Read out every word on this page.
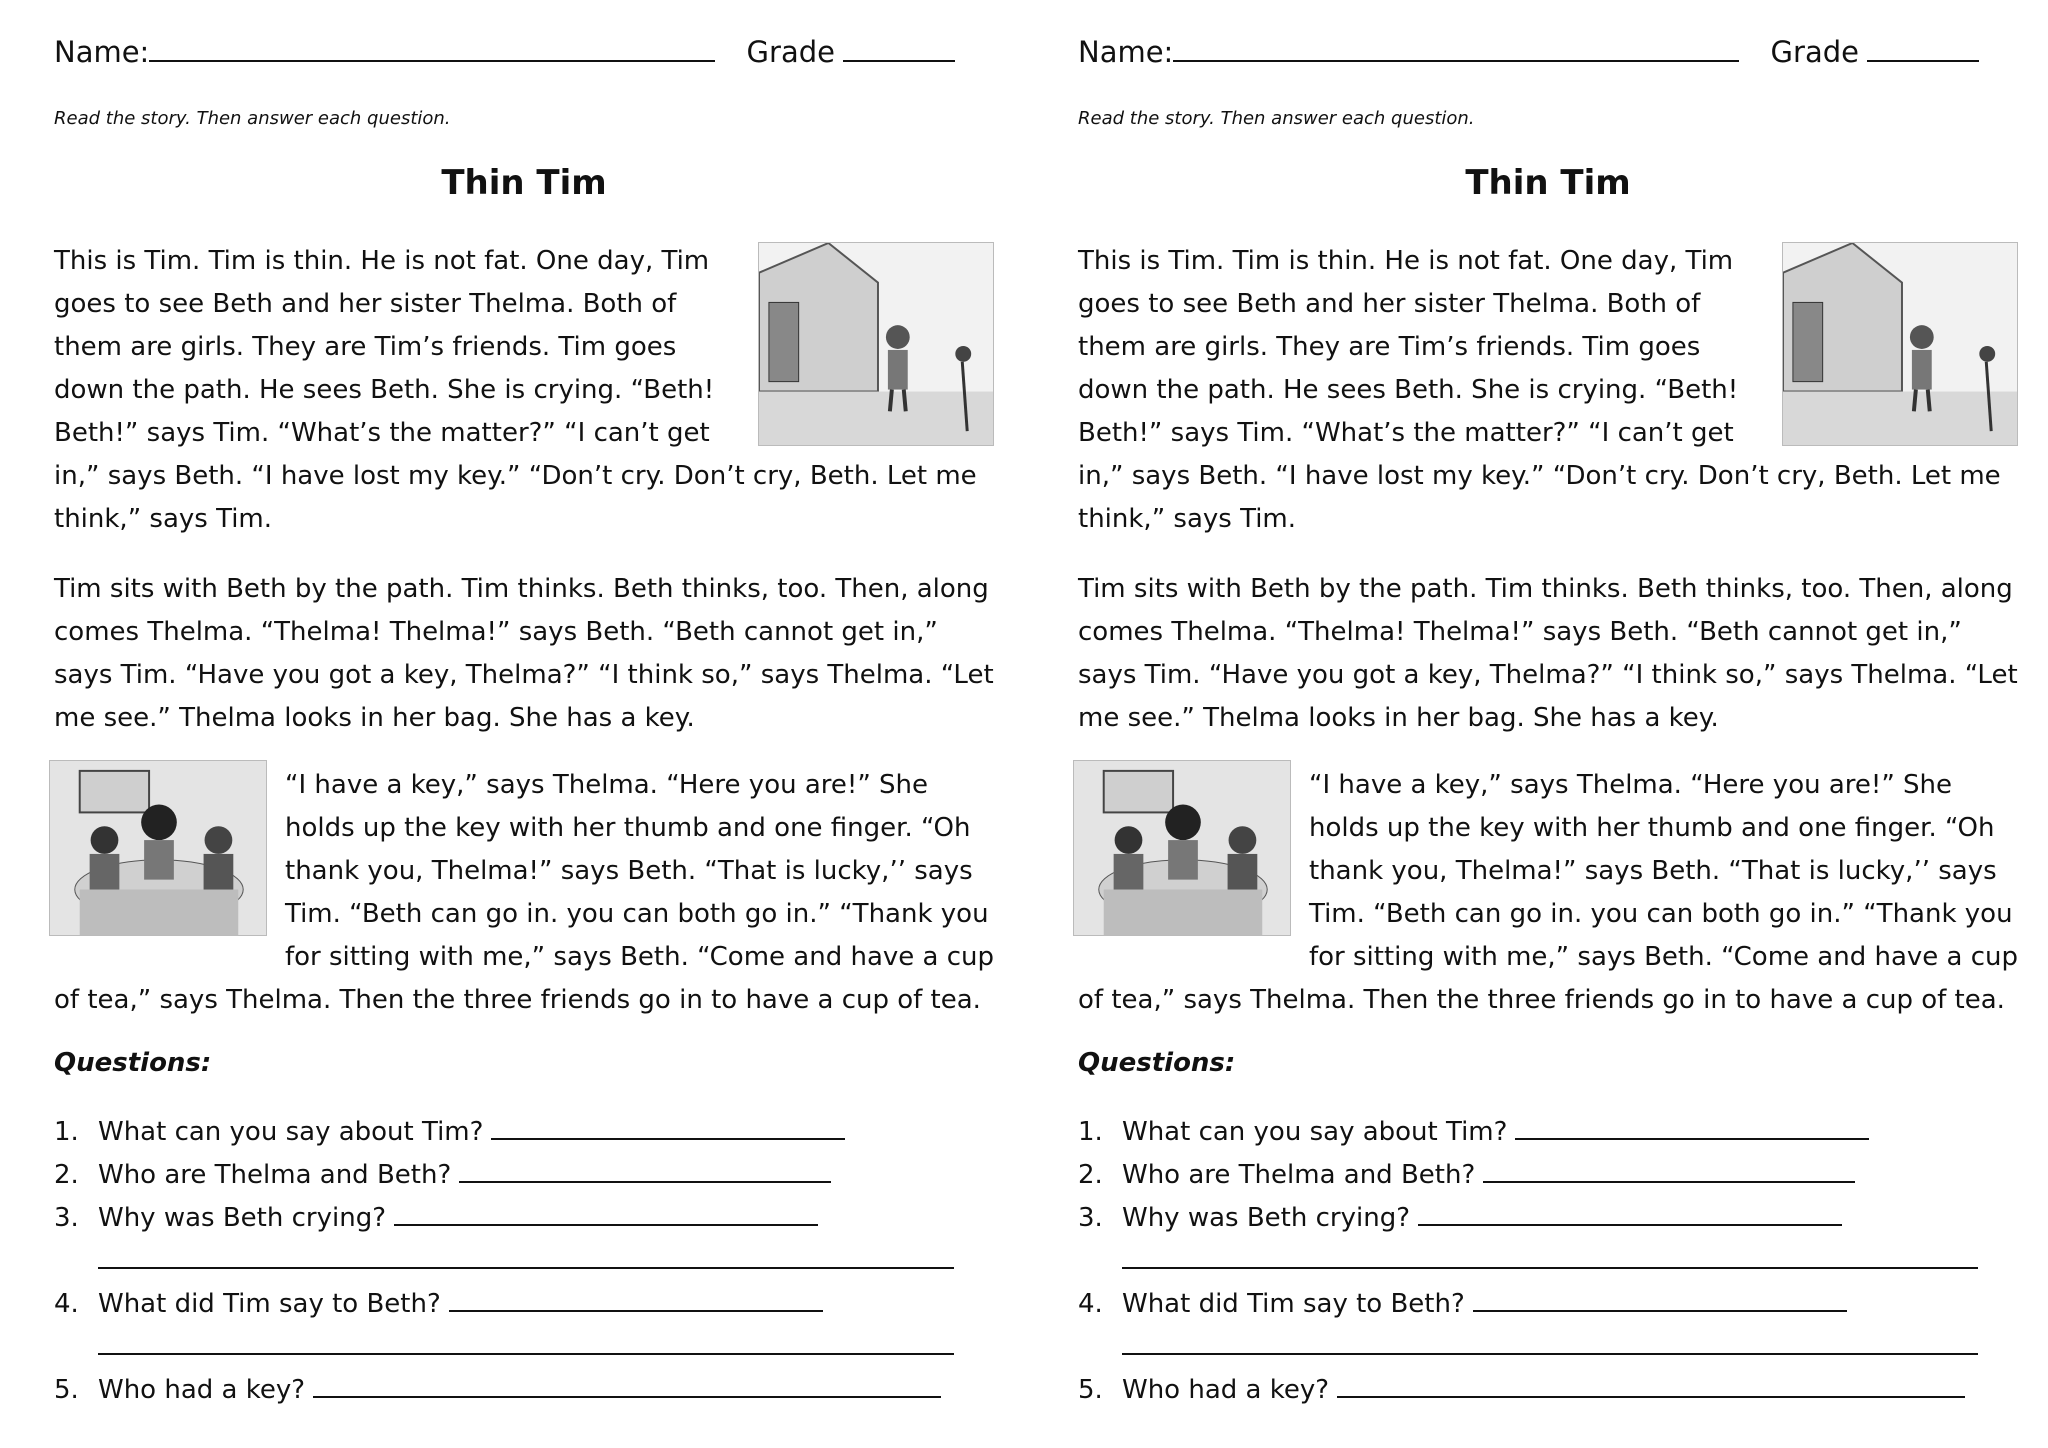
Name:	Grade
Read the story. Then answer each question.
Thin Tim
This is Tim. Tim is thin. He is not fat. One day, Tim goes to see Beth and her sister Thelma. Both of them are girls. They are Tim’s friends. Tim goes down the path. He sees Beth. She is crying. “Beth! Beth!” says Tim. “What’s the matter?” “I can’t get in,” says Beth. “I have lost my key.” “Don’t cry. Don’t cry, Beth. Let me think,” says Tim.
Tim sits with Beth by the path. Tim thinks. Beth thinks, too. Then, along comes Thelma. “Thelma! Thelma!” says Beth. “Beth cannot get in,” says Tim. “Have you got a key, Thelma?” “I think so,” says Thelma. “Let me see.” Thelma looks in her bag. She has a key.
“I have a key,” says Thelma. “Here you are!” She holds up the key with her thumb and one finger. “Oh thank you, Thelma!” says Beth. “That is lucky,’’ says Tim. “Beth can go in. you can both go in.” “Thank you for sitting with me,” says Beth. “Come and have a cup of tea,” says Thelma. Then the three friends go in to have a cup of tea.
Questions:
1. What can you say about Tim?
2. Who are Thelma and Beth?
3. Why was Beth crying?
4. What did Tim say to Beth?
5. Who had a key?
Name:	Grade
Read the story. Then answer each question.
Thin Tim
This is Tim. Tim is thin. He is not fat. One day, Tim goes to see Beth and her sister Thelma. Both of them are girls. They are Tim’s friends. Tim goes down the path. He sees Beth. She is crying. “Beth! Beth!” says Tim. “What’s the matter?” “I can’t get in,” says Beth. “I have lost my key.” “Don’t cry. Don’t cry, Beth. Let me think,” says Tim.
Tim sits with Beth by the path. Tim thinks. Beth thinks, too. Then, along comes Thelma. “Thelma! Thelma!” says Beth. “Beth cannot get in,” says Tim. “Have you got a key, Thelma?” “I think so,” says Thelma. “Let me see.” Thelma looks in her bag. She has a key.
“I have a key,” says Thelma. “Here you are!” She holds up the key with her thumb and one finger. “Oh thank you, Thelma!” says Beth. “That is lucky,’’ says Tim. “Beth can go in. you can both go in.” “Thank you for sitting with me,” says Beth. “Come and have a cup of tea,” says Thelma. Then the three friends go in to have a cup of tea.
Questions:
1. What can you say about Tim?
2. Who are Thelma and Beth?
3. Why was Beth crying?
4. What did Tim say to Beth?
5. Who had a key?
